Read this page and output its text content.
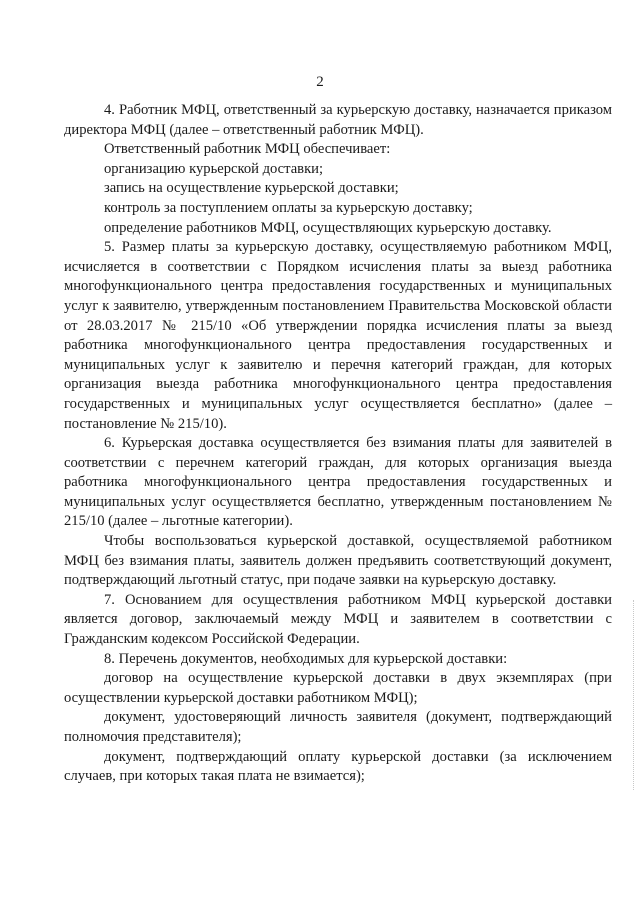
2

4. Работник МФЦ, ответственный за курьерскую доставку, назначается приказом директора МФЦ (далее – ответственный работник МФЦ).

Ответственный работник МФЦ обеспечивает:

организацию курьерской доставки;

запись на осуществление курьерской доставки;

контроль за поступлением оплаты за курьерскую доставку;

определение работников МФЦ, осуществляющих курьерскую доставку.

5. Размер платы за курьерскую доставку, осуществляемую работником МФЦ, исчисляется в соответствии с Порядком исчисления платы за выезд работника многофункционального центра предоставления государственных и муниципальных услуг к заявителю, утвержденным постановлением Правительства Московской области от 28.03.2017 № 215/10 «Об утверждении порядка исчисления платы за выезд работника многофункционального центра предоставления государственных и муниципальных услуг к заявителю и перечня категорий граждан, для которых организация выезда работника многофункционального центра предоставления государственных и муниципальных услуг осуществляется бесплатно» (далее – постановление № 215/10).

6. Курьерская доставка осуществляется без взимания платы для заявителей в соответствии с перечнем категорий граждан, для которых организация выезда работника многофункционального центра предоставления государственных и муниципальных услуг осуществляется бесплатно, утвержденным постановлением № 215/10 (далее – льготные категории).

Чтобы воспользоваться курьерской доставкой, осуществляемой работником МФЦ без взимания платы, заявитель должен предъявить соответствующий документ, подтверждающий льготный статус, при подаче заявки на курьерскую доставку.

7. Основанием для осуществления работником МФЦ курьерской доставки является договор, заключаемый между МФЦ и заявителем в соответствии с Гражданским кодексом Российской Федерации.

8. Перечень документов, необходимых для курьерской доставки:

договор на осуществление курьерской доставки в двух экземплярах (при осуществлении курьерской доставки работником МФЦ);

документ, удостоверяющий личность заявителя (документ, подтверждающий полномочия представителя);

документ, подтверждающий оплату курьерской доставки (за исключением случаев, при которых такая плата не взимается);
